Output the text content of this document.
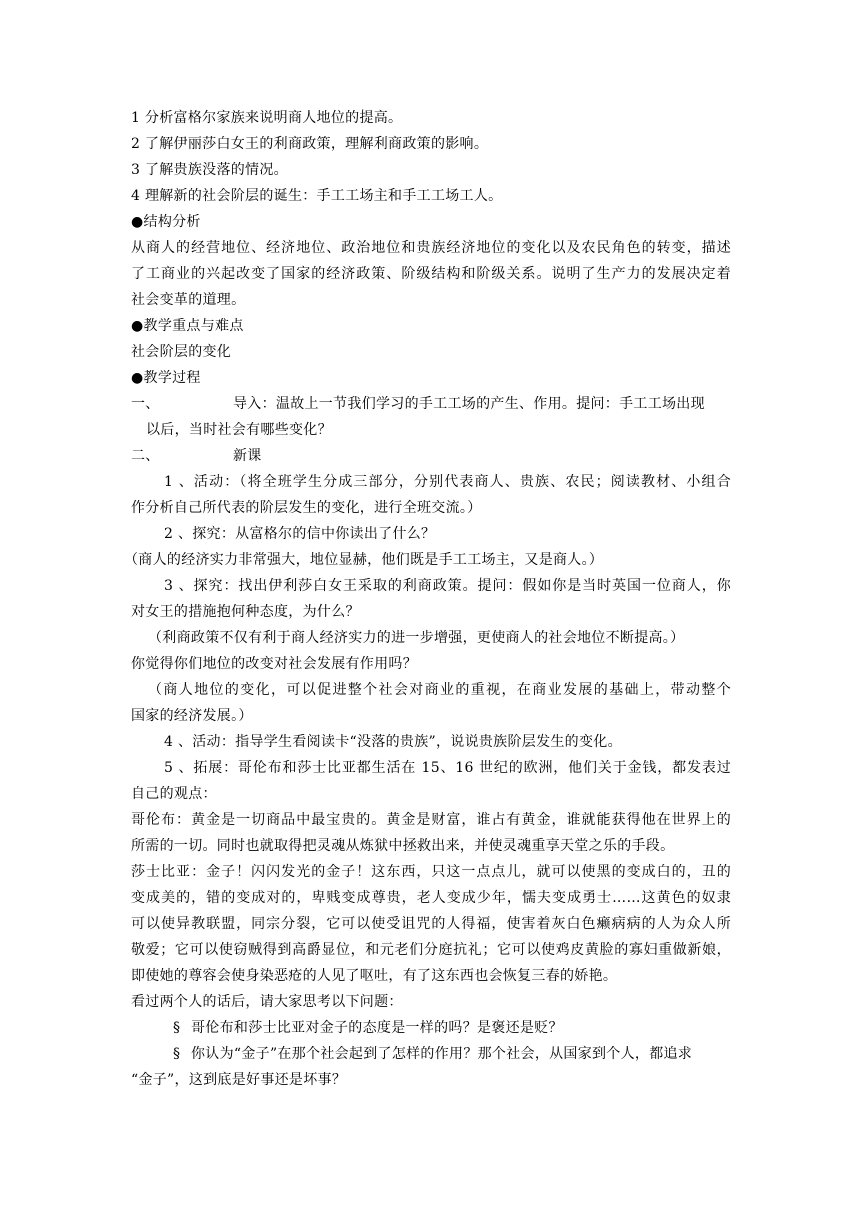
1 分析富格尔家族来说明商人地位的提高。
2 了解伊丽莎白女王的利商政策，理解利商政策的影响。
3 了解贵族没落的情况。
4 理解新的社会阶层的诞生：手工工场主和手工工场工人。
●结构分析
从商人的经营地位、经济地位、政治地位和贵族经济地位的变化以及农民角色的转变，描述
了工商业的兴起改变了国家的经济政策、阶级结构和阶级关系。说明了生产力的发展决定着
社会变革的道理。
●教学重点与难点
社会阶层的变化
●教学过程
一、	导入：温故上一节我们学习的手工工场的产生、作用。提问：手工工场出现
以后，当时社会有哪些变化？
二、	新课
1 、活动：（将全班学生分成三部分，分别代表商人、贵族、农民；阅读教材、小组合
作分析自己所代表的阶层发生的变化，进行全班交流。）
2 、探究：从富格尔的信中你读出了什么？
（商人的经济实力非常强大，地位显赫，他们既是手工工场主，又是商人。）
3 、探究：找出伊利莎白女王采取的利商政策。提问：假如你是当时英国一位商人，你
对女王的措施抱何种态度，为什么？
（利商政策不仅有利于商人经济实力的进一步增强，更使商人的社会地位不断提高。）
你觉得你们地位的改变对社会发展有作用吗？
（商人地位的变化，可以促进整个社会对商业的重视，在商业发展的基础上，带动整个
国家的经济发展。）
4 、活动：指导学生看阅读卡“没落的贵族”，说说贵族阶层发生的变化。
5 、拓展：哥伦布和莎士比亚都生活在 15、16 世纪的欧洲，他们关于金钱，都发表过
自己的观点：
哥伦布：黄金是一切商品中最宝贵的。黄金是财富，谁占有黄金，谁就能获得他在世界上的
所需的一切。同时也就取得把灵魂从炼狱中拯救出来，并使灵魂重享天堂之乐的手段。
莎士比亚：金子！闪闪发光的金子！这东西，只这一点点儿，就可以使黑的变成白的，丑的
变成美的，错的变成对的，卑贱变成尊贵，老人变成少年，懦夫变成勇士……这黄色的奴隶
可以使异教联盟，同宗分裂，它可以使受诅咒的人得福，使害着灰白色癞病病的人为众人所
敬爱；它可以使窃贼得到高爵显位，和元老们分庭抗礼；它可以使鸡皮黄脸的寡妇重做新娘，
即使她的尊容会使身染恶疮的人见了呕吐，有了这东西也会恢复三春的娇艳。
看过两个人的话后，请大家思考以下问题：
§ 哥伦布和莎士比亚对金子的态度是一样的吗？是褒还是贬？
§ 你认为“金子”在那个社会起到了怎样的作用？那个社会，从国家到个人，都追求
“金子”，这到底是好事还是坏事？
